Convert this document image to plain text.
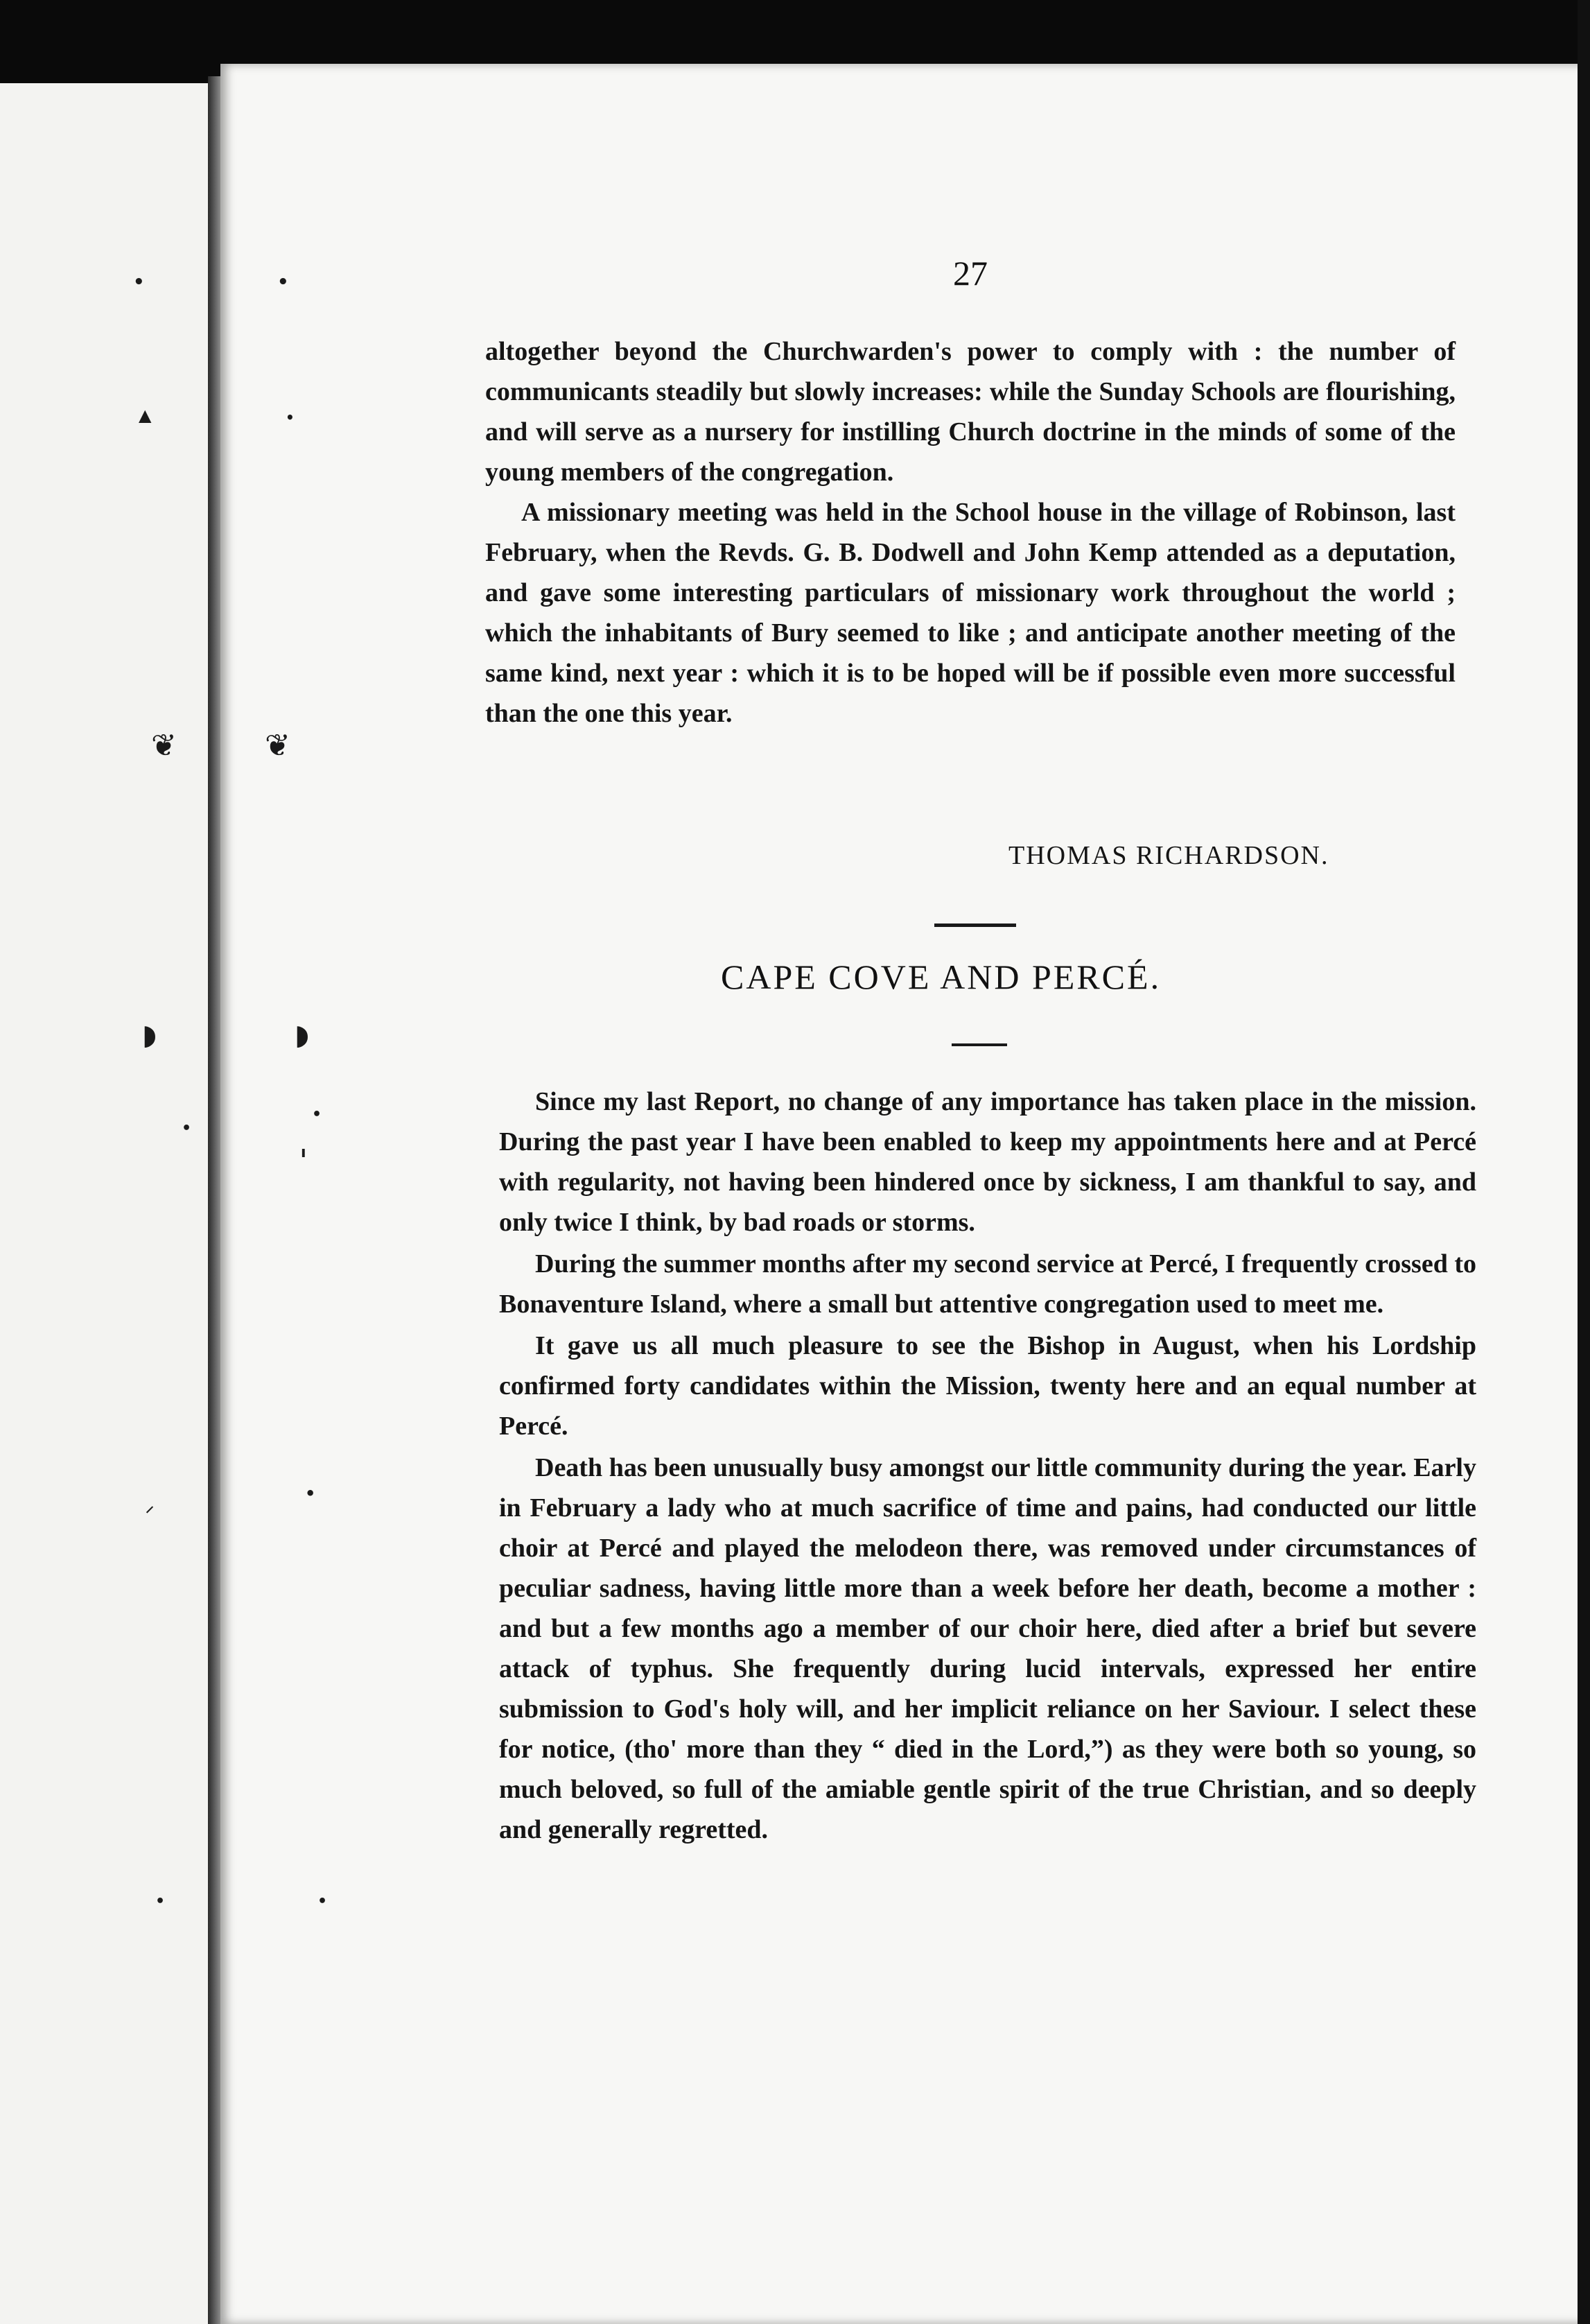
•	•
▲	•
❦	❦
◗	◗
•
•
ı
⸝
•
•
•
27

altogether beyond the Churchwarden's power to comply with : the number of communicants steadily but slowly increases: while the Sunday Schools are flourishing, and will serve as a nursery for instilling Church doctrine in the minds of some of the young members of the congregation.

A missionary meeting was held in the School house in the village of Robinson, last February, when the Revds. G. B. Dodwell and John Kemp attended as a deputation, and gave some interesting particulars of missionary work throughout the world ; which the inhabitants of Bury seemed to like ; and anticipate another meeting of the same kind, next year : which it is to be hoped will be if possible even more successful than the one this year.

THOMAS RICHARDSON.
CAPE COVE AND PERCÉ.

Since my last Report, no change of any importance has taken place in the mission. During the past year I have been enabled to keep my appointments here and at Percé with regularity, not having been hindered once by sickness, I am thankful to say, and only twice I think, by bad roads or storms.

During the summer months after my second service at Percé, I frequently crossed to Bonaventure Island, where a small but attentive congregation used to meet me.

It gave us all much pleasure to see the Bishop in August, when his Lordship confirmed forty candidates within the Mission, twenty here and an equal number at Percé.

Death has been unusually busy amongst our little community during the year. Early in February a lady who at much sacrifice of time and pains, had conducted our little choir at Percé and played the melodeon there, was removed under circumstances of peculiar sadness, having little more than a week before her death, become a mother : and but a few months ago a member of our choir here, died after a brief but severe attack of typhus. She frequently during lucid intervals, expressed her entire submission to God's holy will, and her implicit reliance on her Saviour. I select these for notice, (tho' more than they “ died in the Lord,”) as they were both so young, so much beloved, so full of the amiable gentle spirit of the true Christian, and so deeply and generally regretted.
